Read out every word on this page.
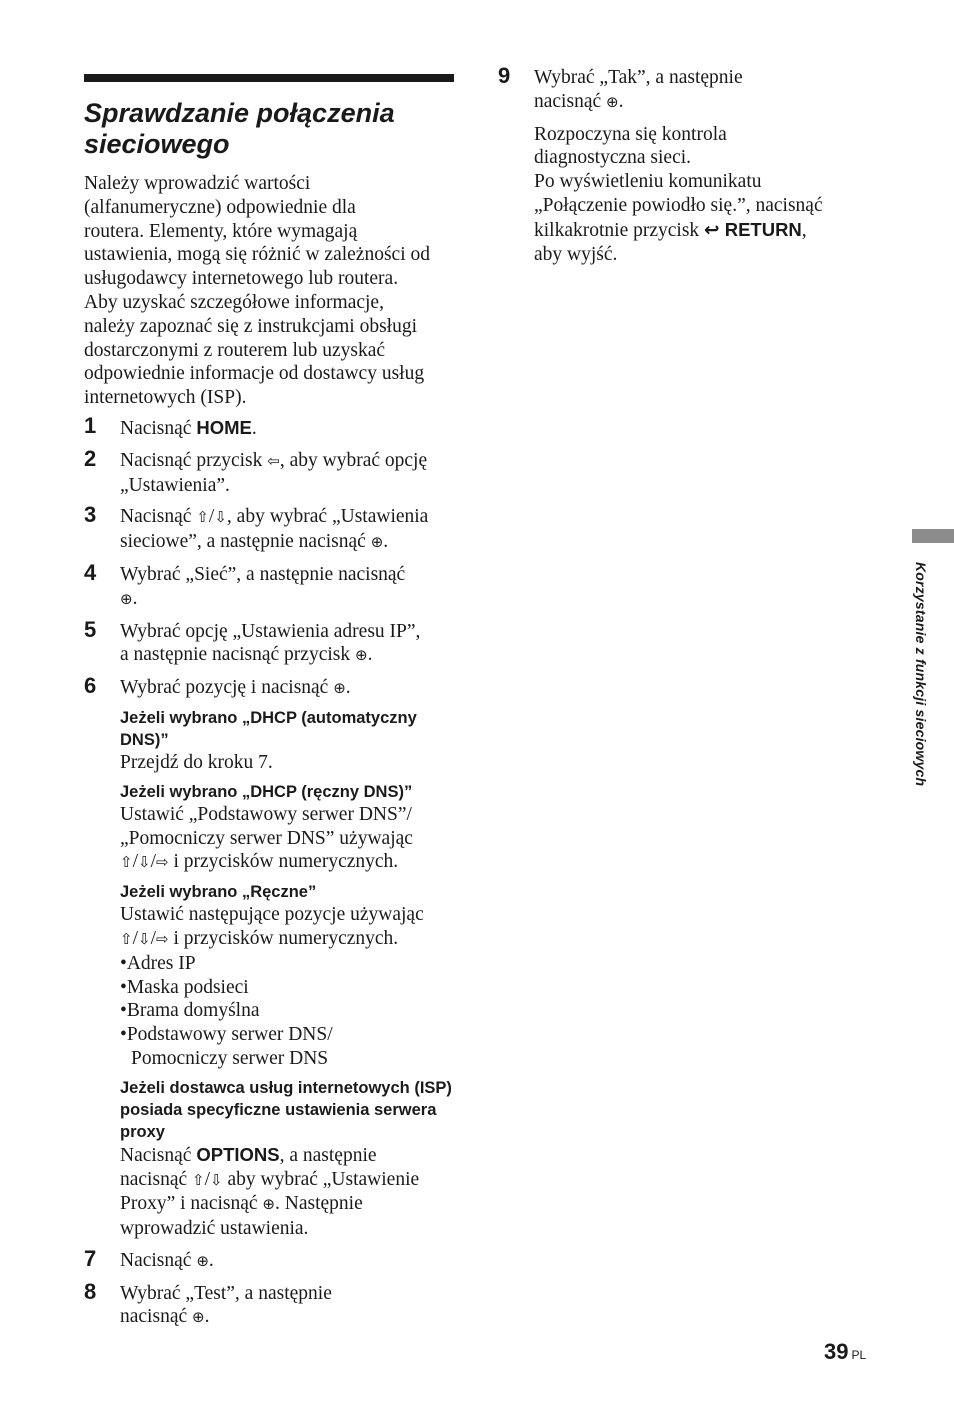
Sprawdzanie połączenia
sieciowego
Należy wprowadzić wartości
(alfanumeryczne) odpowiednie dla
routera. Elementy, które wymagają
ustawienia, mogą się różnić w zależności od
usługodawcy internetowego lub routera.
Aby uzyskać szczegółowe informacje,
należy zapoznać się z instrukcjami obsługi
dostarczonymi z routerem lub uzyskać
odpowiednie informacje od dostawcy usług
internetowych (ISP).
1 Nacisnąć HOME.
2 Nacisnąć przycisk ⇦, aby wybrać opcję
„Ustawienia”.
3 Nacisnąć ⇧/⇩, aby wybrać „Ustawienia
sieciowe”, a następnie nacisnąć ⊕.
4 Wybrać „Sieć”, a następnie nacisnąć
⊕.
5 Wybrać opcję „Ustawienia adresu IP”,
a następnie nacisnąć przycisk ⊕.
6 Wybrać pozycję i nacisnąć ⊕.
Jeżeli wybrano „DHCP (automatyczny DNS)”
Przejdź do kroku 7.
Jeżeli wybrano „DHCP (ręczny DNS)”
Ustawić „Podstawowy serwer DNS”/
„Pomocniczy serwer DNS” używając
⇧/⇩/⇨ i przycisków numerycznych.
Jeżeli wybrano „Ręczne”
Ustawić następujące pozycje używając
⇧/⇩/⇨ i przycisków numerycznych.
•Adres IP
•Maska podsieci
•Brama domyślna
•Podstawowy serwer DNS/
Pomocniczy serwer DNS
Jeżeli dostawca usług internetowych (ISP) posiada specyficzne ustawienia serwera proxy
Nacisnąć OPTIONS, a następnie
nacisnąć ⇧/⇩ aby wybrać „Ustawienie
Proxy” i nacisnąć ⊕. Następnie
wprowadzić ustawienia.
7 Nacisnąć ⊕.
8 Wybrać „Test”, a następnie
nacisnąć ⊕.
9 Wybrać „Tak”, a następnie
nacisnąć ⊕.
Rozpoczyna się kontrola
diagnostyczna sieci.
Po wyświetleniu komunikatu
„Połączenie powiodło się.”, nacisnąć
kilkakrotnie przycisk ↩ RETURN,
aby wyjść.
Korzystanie z funkcji sieciowych
39 PL
